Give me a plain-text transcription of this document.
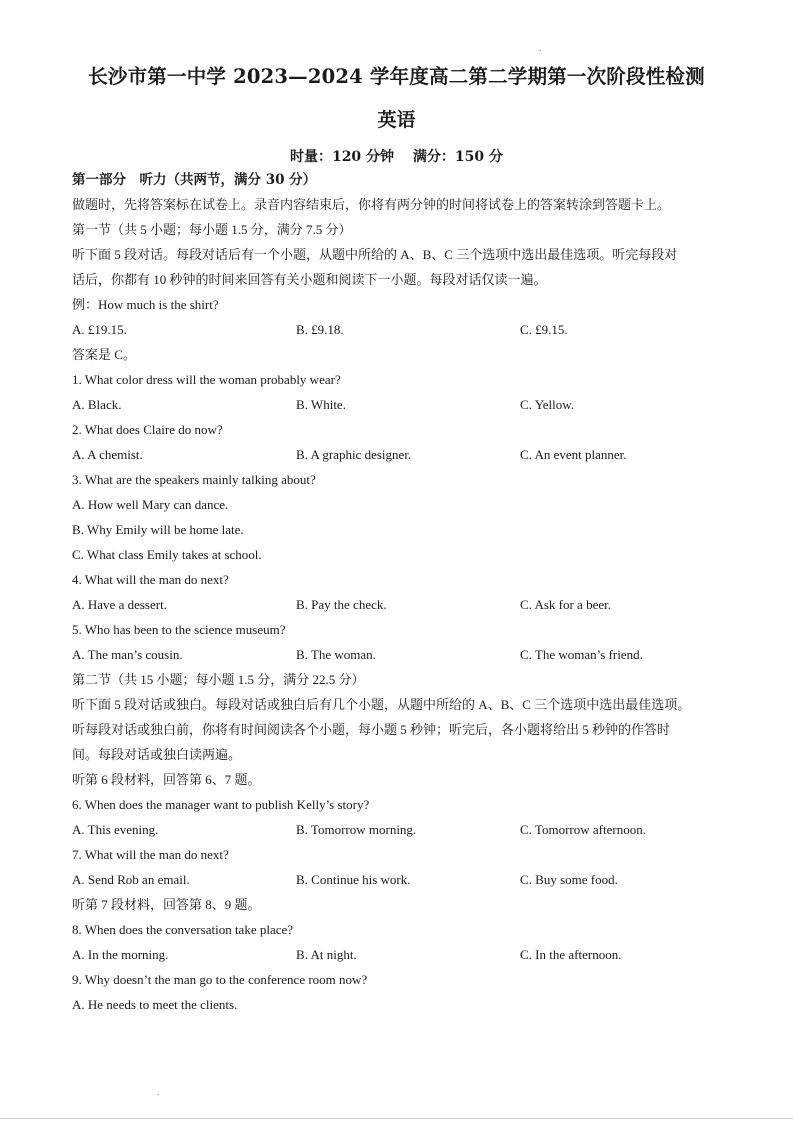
.
长沙市第一中学 2023—2024 学年度高二第二学期第一次阶段性检测
英语
时量：120 分钟　 满分：150 分
第一部分　听力（共两节，满分 30 分）
做题时，先将答案标在试卷上。录音内容结束后，你将有两分钟的时间将试卷上的答案转涂到答题卡上。
第一节（共 5 小题；每小题 1.5 分，满分 7.5 分）
听下面 5 段对话。每段对话后有一个小题，从题中所给的 A、B、C 三个选项中选出最佳选项。听完每段对
话后，你都有 10 秒钟的时间来回答有关小题和阅读下一小题。每段对话仅读一遍。
例：How much is the shirt?
A. £19.15.	B. £9.18.	C. £9.15.
答案是 C。
1. What color dress will the woman probably wear?
A. Black.	B. White.	C. Yellow.
2. What does Claire do now?
A. A chemist.	B. A graphic designer.	C. An event planner.
3. What are the speakers mainly talking about?
A. How well Mary can dance.
B. Why Emily will be home late.
C. What class Emily takes at school.
4. What will the man do next?
A. Have a dessert.	B. Pay the check.	C. Ask for a beer.
5. Who has been to the science museum?
A. The man’s cousin.	B. The woman.	C. The woman’s friend.
第二节（共 15 小题；每小题 1.5 分，满分 22.5 分）
听下面 5 段对话或独白。每段对话或独白后有几个小题，从题中所给的 A、B、C 三个选项中选出最佳选项。
听每段对话或独白前，你将有时间阅读各个小题，每小题 5 秒钟；听完后，各小题将给出 5 秒钟的作答时
间。每段对话或独白读两遍。
听第 6 段材料，回答第 6、7 题。
6. When does the manager want to publish Kelly’s story?
A. This evening.	B. Tomorrow morning.	C. Tomorrow afternoon.
7. What will the man do next?
A. Send Rob an email.	B. Continue his work.	C. Buy some food.
听第 7 段材料，回答第 8、9 题。
8. When does the conversation take place?
A. In the morning.	B. At night.	C. In the afternoon.
9. Why doesn’t the man go to the conference room now?
A. He needs to meet the clients.
.
